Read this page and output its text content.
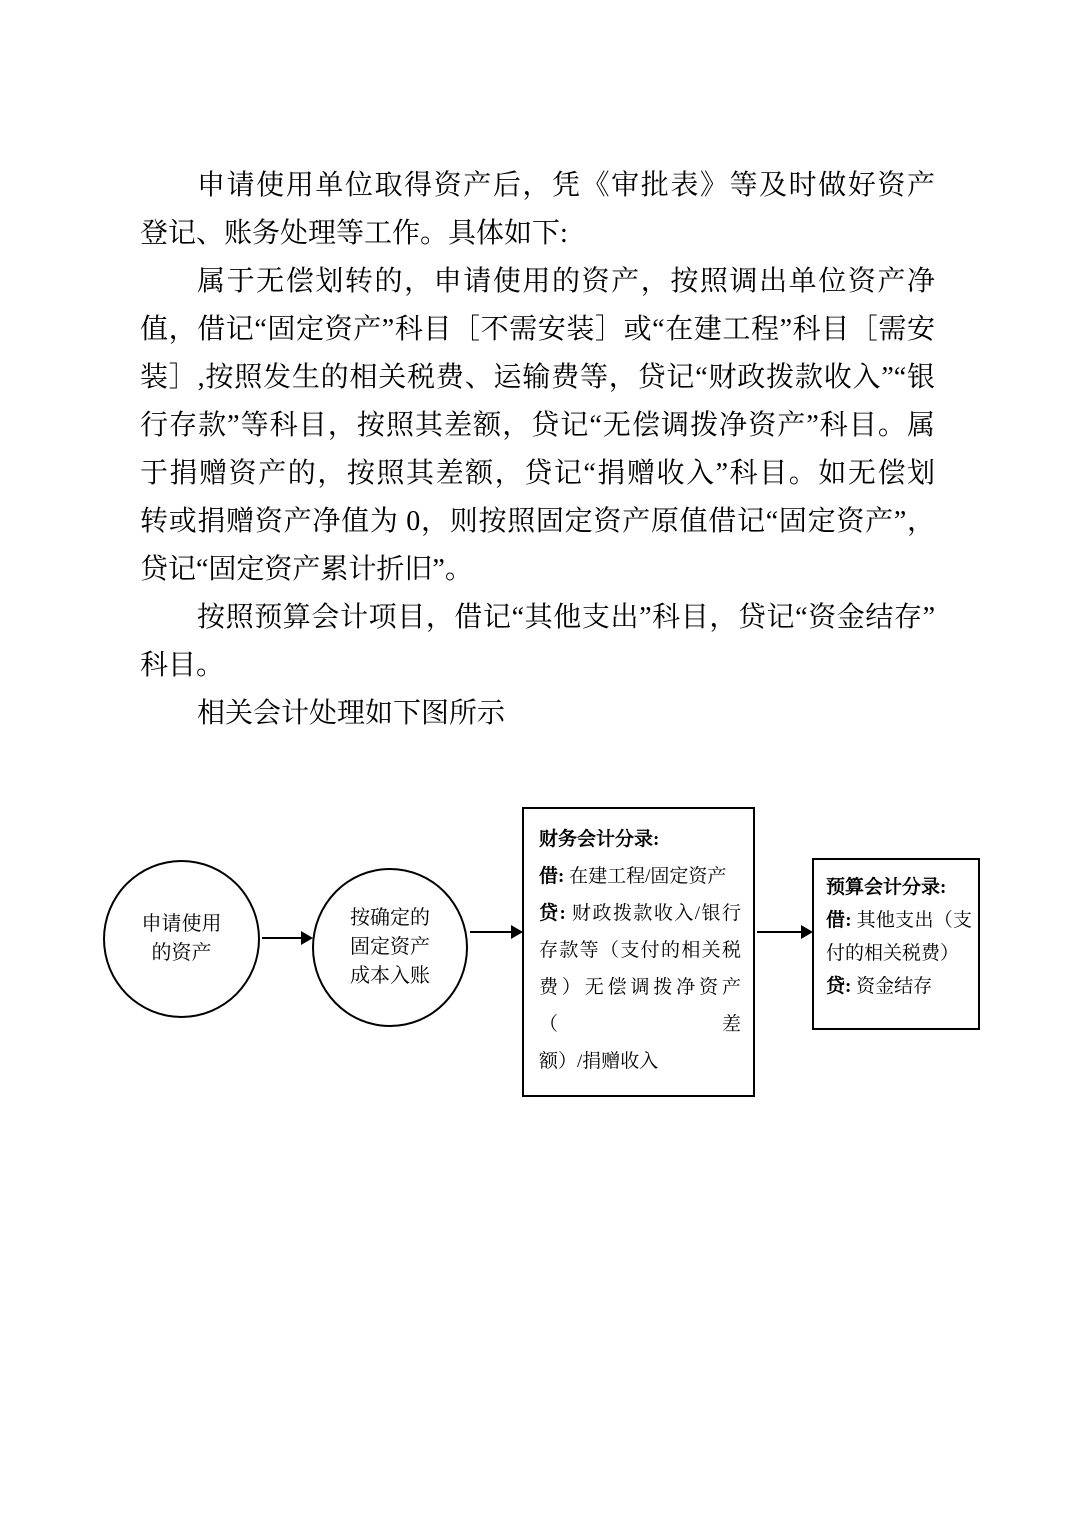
申请使用单位取得资产后，凭《审批表》等及时做好资产
登记、账务处理等工作。具体如下:
属于无偿划转的，申请使用的资产，按照调出单位资产净
值，借记“固定资产”科目［不需安装］或“在建工程”科目［需安
装］,按照发生的相关税费、运输费等，贷记“财政拨款收入”“银
行存款”等科目，按照其差额，贷记“无偿调拨净资产”科目。属
于捐赠资产的，按照其差额，贷记“捐赠收入”科目。如无偿划
转或捐赠资产净值为 0，则按照固定资产原值借记“固定资产”，
贷记“固定资产累计折旧”。
按照预算会计项目，借记“其他支出”科目，贷记“资金结存”
科目。
相关会计处理如下图所示
申请使用
的资产
按确定的
固定资产
成本入账
财务会计分录:
借: 在建工程/固定资产
贷: 财政拨款收入/银行
存款等（支付的相关税
费）无偿调拨净资产（差
额）/捐赠收入
预算会计分录:
借: 其他支出（支
付的相关税费）
贷: 资金结存
